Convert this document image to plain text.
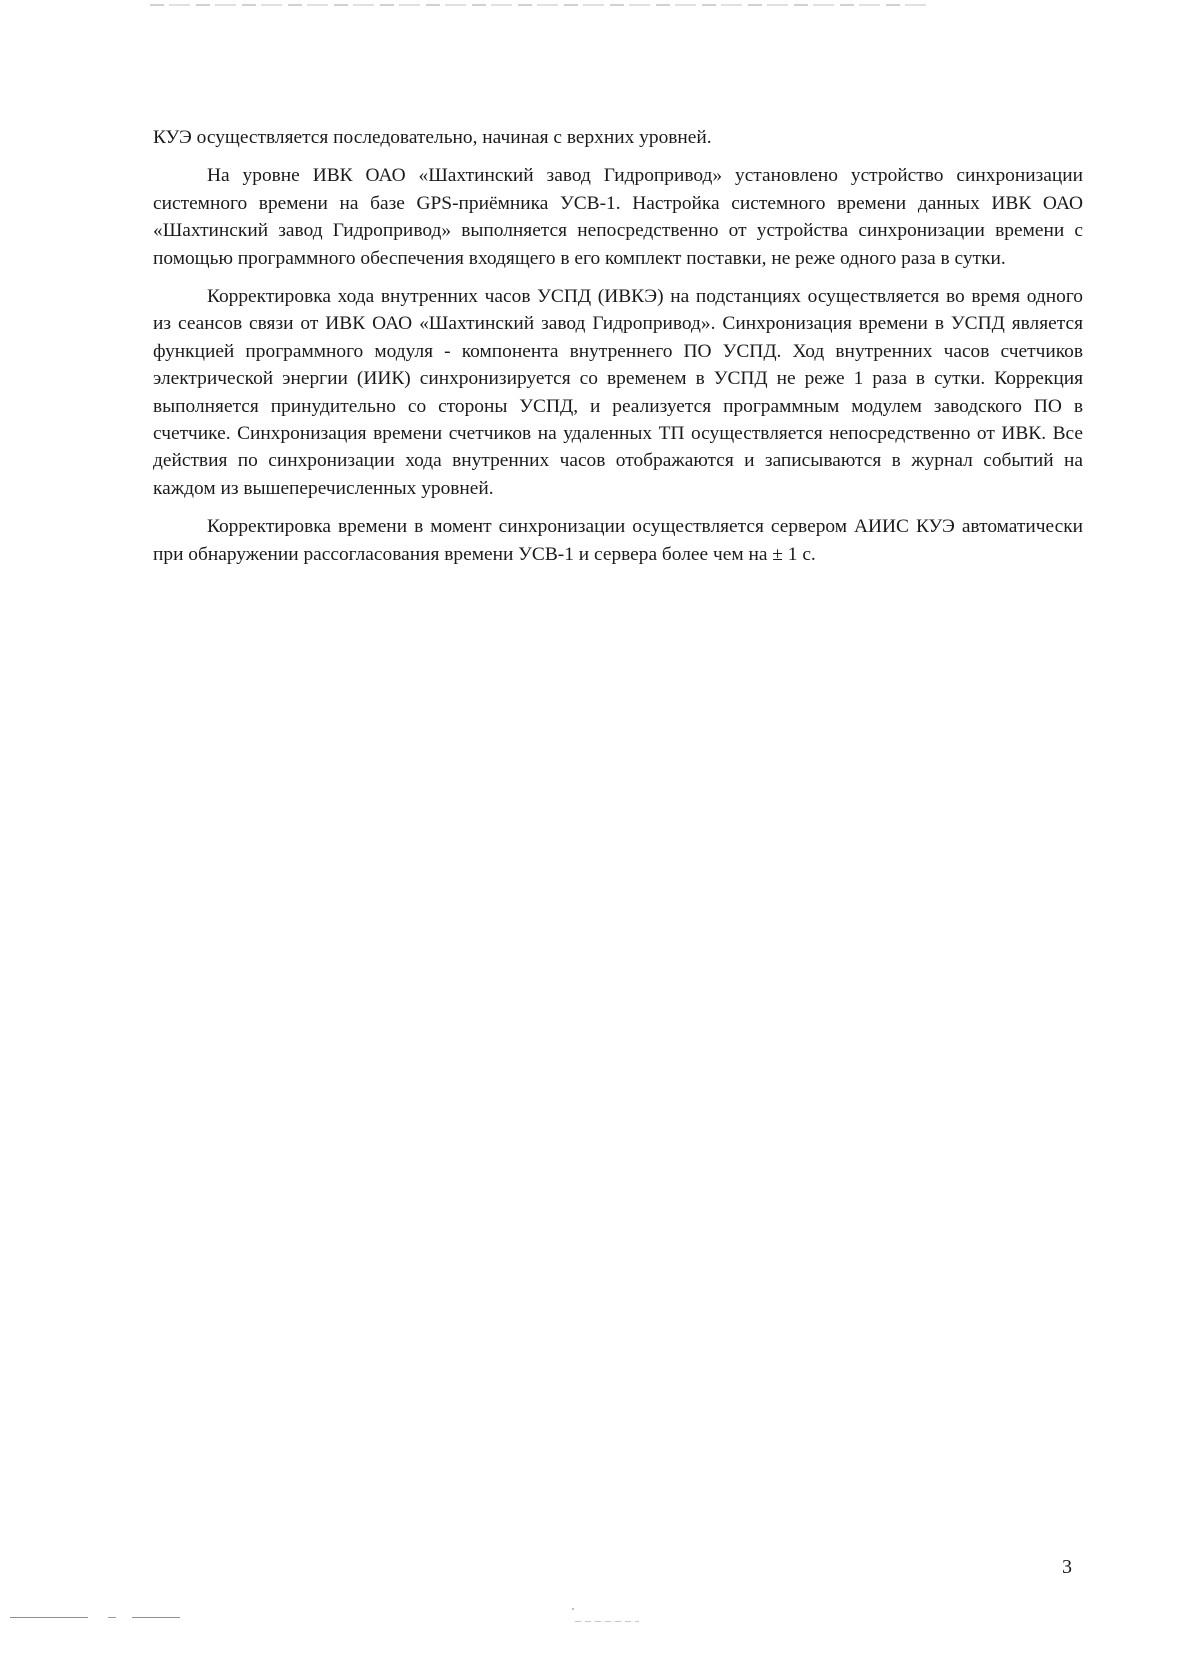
КУЭ осуществляется последовательно, начиная с верхних уровней.

На уровне ИВК ОАО «Шахтинский завод Гидропривод» установлено устройство синхронизации системного времени на базе GPS-приёмника УСВ-1. Настройка системного времени данных ИВК ОАО «Шахтинский завод Гидропривод» выполняется непосредственно от устройства синхронизации времени с помощью программного обеспечения входящего в его комплект поставки, не реже одного раза в сутки.

Корректировка хода внутренних часов УСПД (ИВКЭ) на подстанциях осуществляется во время одного из сеансов связи от ИВК ОАО «Шахтинский завод Гидропривод». Синхронизация времени в УСПД является функцией программного модуля - компонента внутреннего ПО УСПД. Ход внутренних часов счетчиков электрической энергии (ИИК) синхронизируется со временем в УСПД не реже 1 раза в сутки. Коррекция выполняется принудительно со стороны УСПД, и реализуется программным модулем заводского ПО в счетчике. Синхронизация времени счетчиков на удаленных ТП осуществляется непосредственно от ИВК. Все действия по синхронизации хода внутренних часов отображаются и записываются в журнал событий на каждом из вышеперечисленных уровней.

Корректировка времени в момент синхронизации осуществляется сервером АИИС КУЭ автоматически при обнаружении рассогласования времени УСВ-1 и сервера более чем на ± 1 с.

3
